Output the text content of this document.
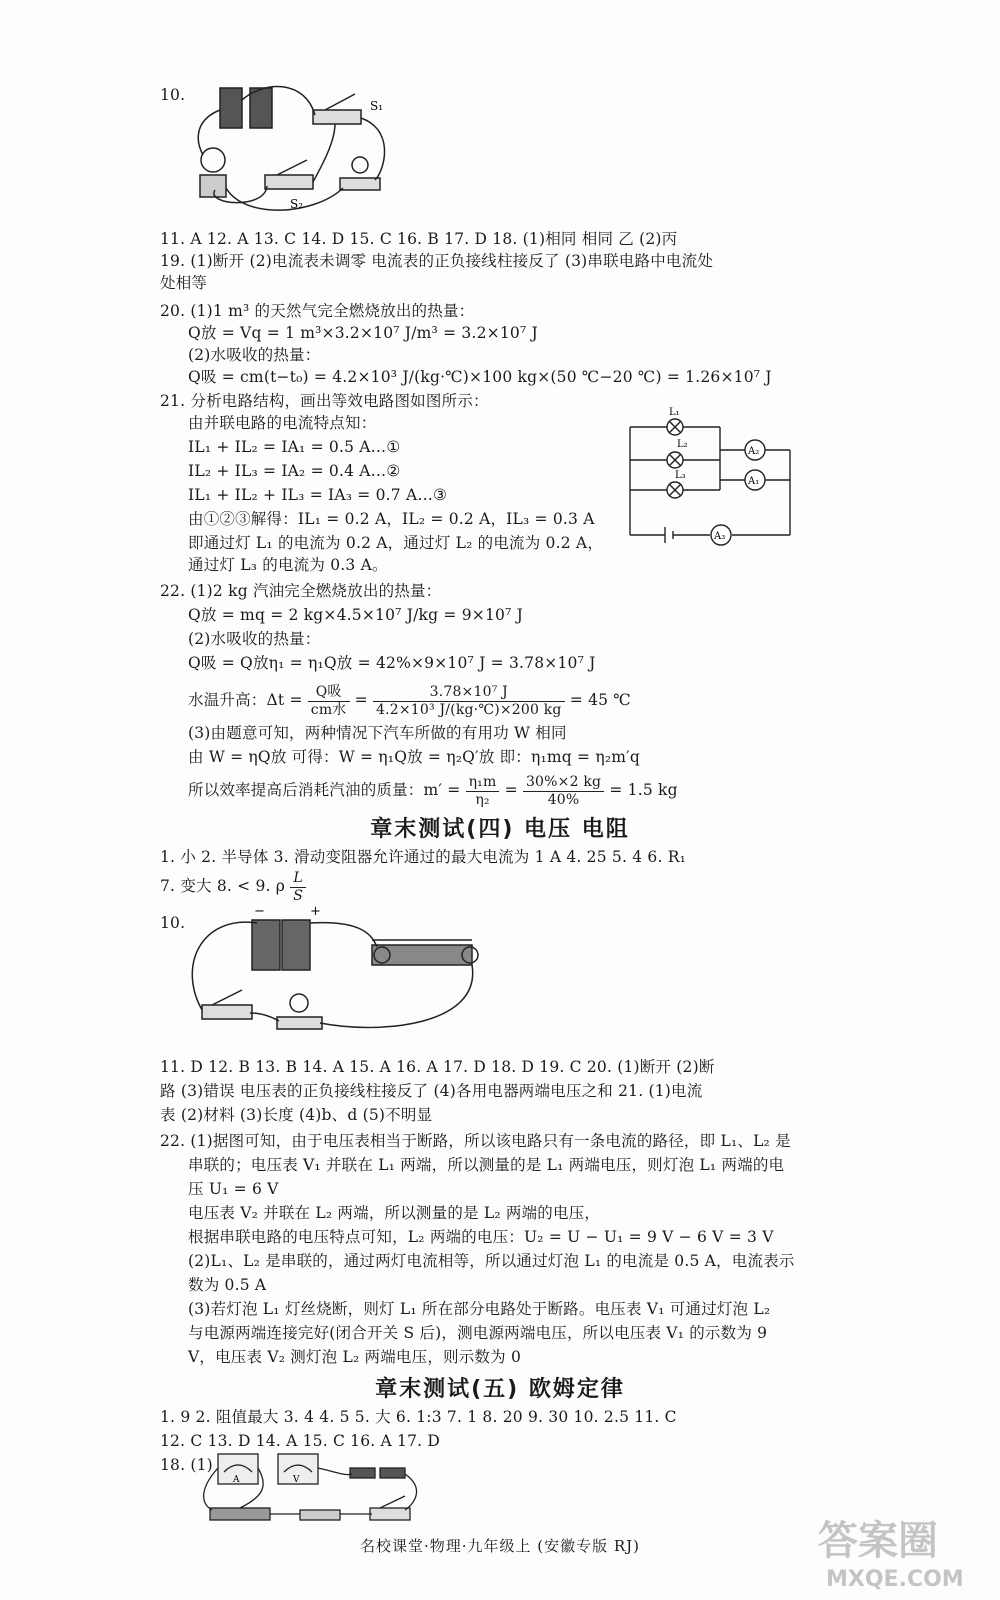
10.
S₁
S₂
11. A 12. A 13. C 14. D 15. C 16. B 17. D 18. (1)相同 相同 乙 (2)丙
19. (1)断开 (2)电流表未调零 电流表的正负接线柱接反了 (3)串联电路中电流处
处相等
20. (1)1 m³ 的天然气完全燃烧放出的热量：
Q放 = Vq = 1 m³×3.2×10⁷ J/m³ = 3.2×10⁷ J
(2)水吸收的热量：
Q吸 = cm(t−t₀) = 4.2×10³ J/(kg·℃)×100 kg×(50 ℃−20 ℃) = 1.26×10⁷ J
21. 分析电路结构，画出等效电路图如图所示：
由并联电路的电流特点知：
IL₁ + IL₂ = IA₁ = 0.5 A…①
IL₂ + IL₃ = IA₂ = 0.4 A…②
IL₁ + IL₂ + IL₃ = IA₃ = 0.7 A…③
由①②③解得：IL₁ = 0.2 A，IL₂ = 0.2 A，IL₃ = 0.3 A
即通过灯 L₁ 的电流为 0.2 A，通过灯 L₂ 的电流为 0.2 A，
通过灯 L₃ 的电流为 0.3 A。
L₁
L₂
L₃
A₂
A₁
A₃
22. (1)2 kg 汽油完全燃烧放出的热量：
Q放 = mq = 2 kg×4.5×10⁷ J/kg = 9×10⁷ J
(2)水吸收的热量：
Q吸 = Q放η₁ = η₁Q放 = 42%×9×10⁷ J = 3.78×10⁷ J
水温升高：$\Delta t = \frac{\text{Q吸}}{\text{cm水}} = \frac{\text{3.78×10⁷ J}}{\text{4.2×10³ J/(kg·℃)×200 kg}} = 45$ ℃
(3)由题意可知，两种情况下汽车所做的有用功 W 相同
由 W = ηQ放 可得：W = η₁Q放 = η₂Q′放 即：η₁mq = η₂m′q
所以效率提高后消耗汽油的质量：$m' = \frac{\text{η₁m}}{\text{η₂}} = \frac{30\%\times 2 kg}{40\%} = 1.5$ kg
章末测试(四) 电压 电阻
1. 小 2. 半导体 3. 滑动变阻器允许通过的最大电流为 1 A 4. 25 5. 4 6. R₁
7. 变大 8. < 9. ρ $\frac{L}{S}$
10.
−	+
11. D 12. B 13. B 14. A 15. A 16. A 17. D 18. D 19. C 20. (1)断开 (2)断
路 (3)错误 电压表的正负接线柱接反了 (4)各用电器两端电压之和 21. (1)电流
表 (2)材料 (3)长度 (4)b、d (5)不明显
22. (1)据图可知，由于电压表相当于断路，所以该电路只有一条电流的路径，即 L₁、L₂ 是
串联的；电压表 V₁ 并联在 L₁ 两端，所以测量的是 L₁ 两端电压，则灯泡 L₁ 两端的电
压 U₁ = 6 V
电压表 V₂ 并联在 L₂ 两端，所以测量的是 L₂ 两端的电压，
根据串联电路的电压特点可知，L₂ 两端的电压：U₂ = U − U₁ = 9 V − 6 V = 3 V
(2)L₁、L₂ 是串联的，通过两灯电流相等，所以通过灯泡 L₁ 的电流是 0.5 A，电流表示
数为 0.5 A
(3)若灯泡 L₁ 灯丝烧断，则灯 L₁ 所在部分电路处于断路。电压表 V₁ 可通过灯泡 L₂
与电源两端连接完好(闭合开关 S 后)，测电源两端电压，所以电压表 V₁ 的示数为 9
V，电压表 V₂ 测灯泡 L₂ 两端电压，则示数为 0
章末测试(五) 欧姆定律
1. 9 2. 阻值最大 3. 4 4. 5 5. 大 6. 1:3 7. 1 8. 20 9. 30 10. 2.5 11. C
12. C 13. D 14. A 15. C 16. A 17. D
18. (1)
A	V
名校课堂·物理·九年级上 (安徽专版 RJ)	答案圈
MXQE.COM
